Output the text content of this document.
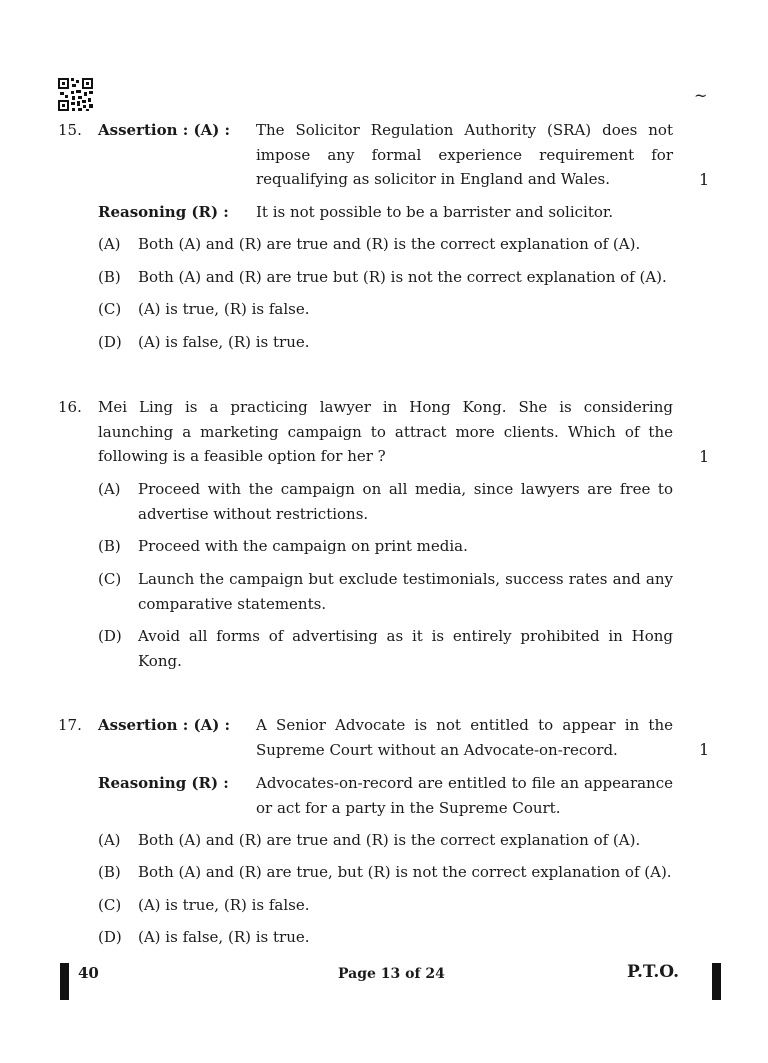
~
15.	Assertion : (A) : The Solicitor Regulation Authority (SRA) does not impose any formal experience requirement for requalifying as solicitor in England and Wales.	1
Reasoning (R) : It is not possible to be a barrister and solicitor.
(A) Both (A) and (R) are true and (R) is the correct explanation of (A).
(B) Both (A) and (R) are true but (R) is not the correct explanation of (A).
(C) (A) is true, (R) is false.
(D) (A) is false, (R) is true.
16.	Mei Ling is a practicing lawyer in Hong Kong. She is considering launching a marketing campaign to attract more clients. Which of the following is a feasible option for her ?	1
(A) Proceed with the campaign on all media, since lawyers are free to advertise without restrictions.
(B) Proceed with the campaign on print media.
(C) Launch the campaign but exclude testimonials, success rates and any comparative statements.
(D) Avoid all forms of advertising as it is entirely prohibited in Hong Kong.
17.	Assertion : (A) : A Senior Advocate is not entitled to appear in the Supreme Court without an Advocate-on-record.	1
Reasoning (R) : Advocates-on-record are entitled to file an appearance or act for a party in the Supreme Court.
(A) Both (A) and (R) are true and (R) is the correct explanation of (A).
(B) Both (A) and (R) are true, but (R) is not the correct explanation of (A).
(C) (A) is true, (R) is false.
(D) (A) is false, (R) is true.
40	Page 13 of 24	P.T.O.
